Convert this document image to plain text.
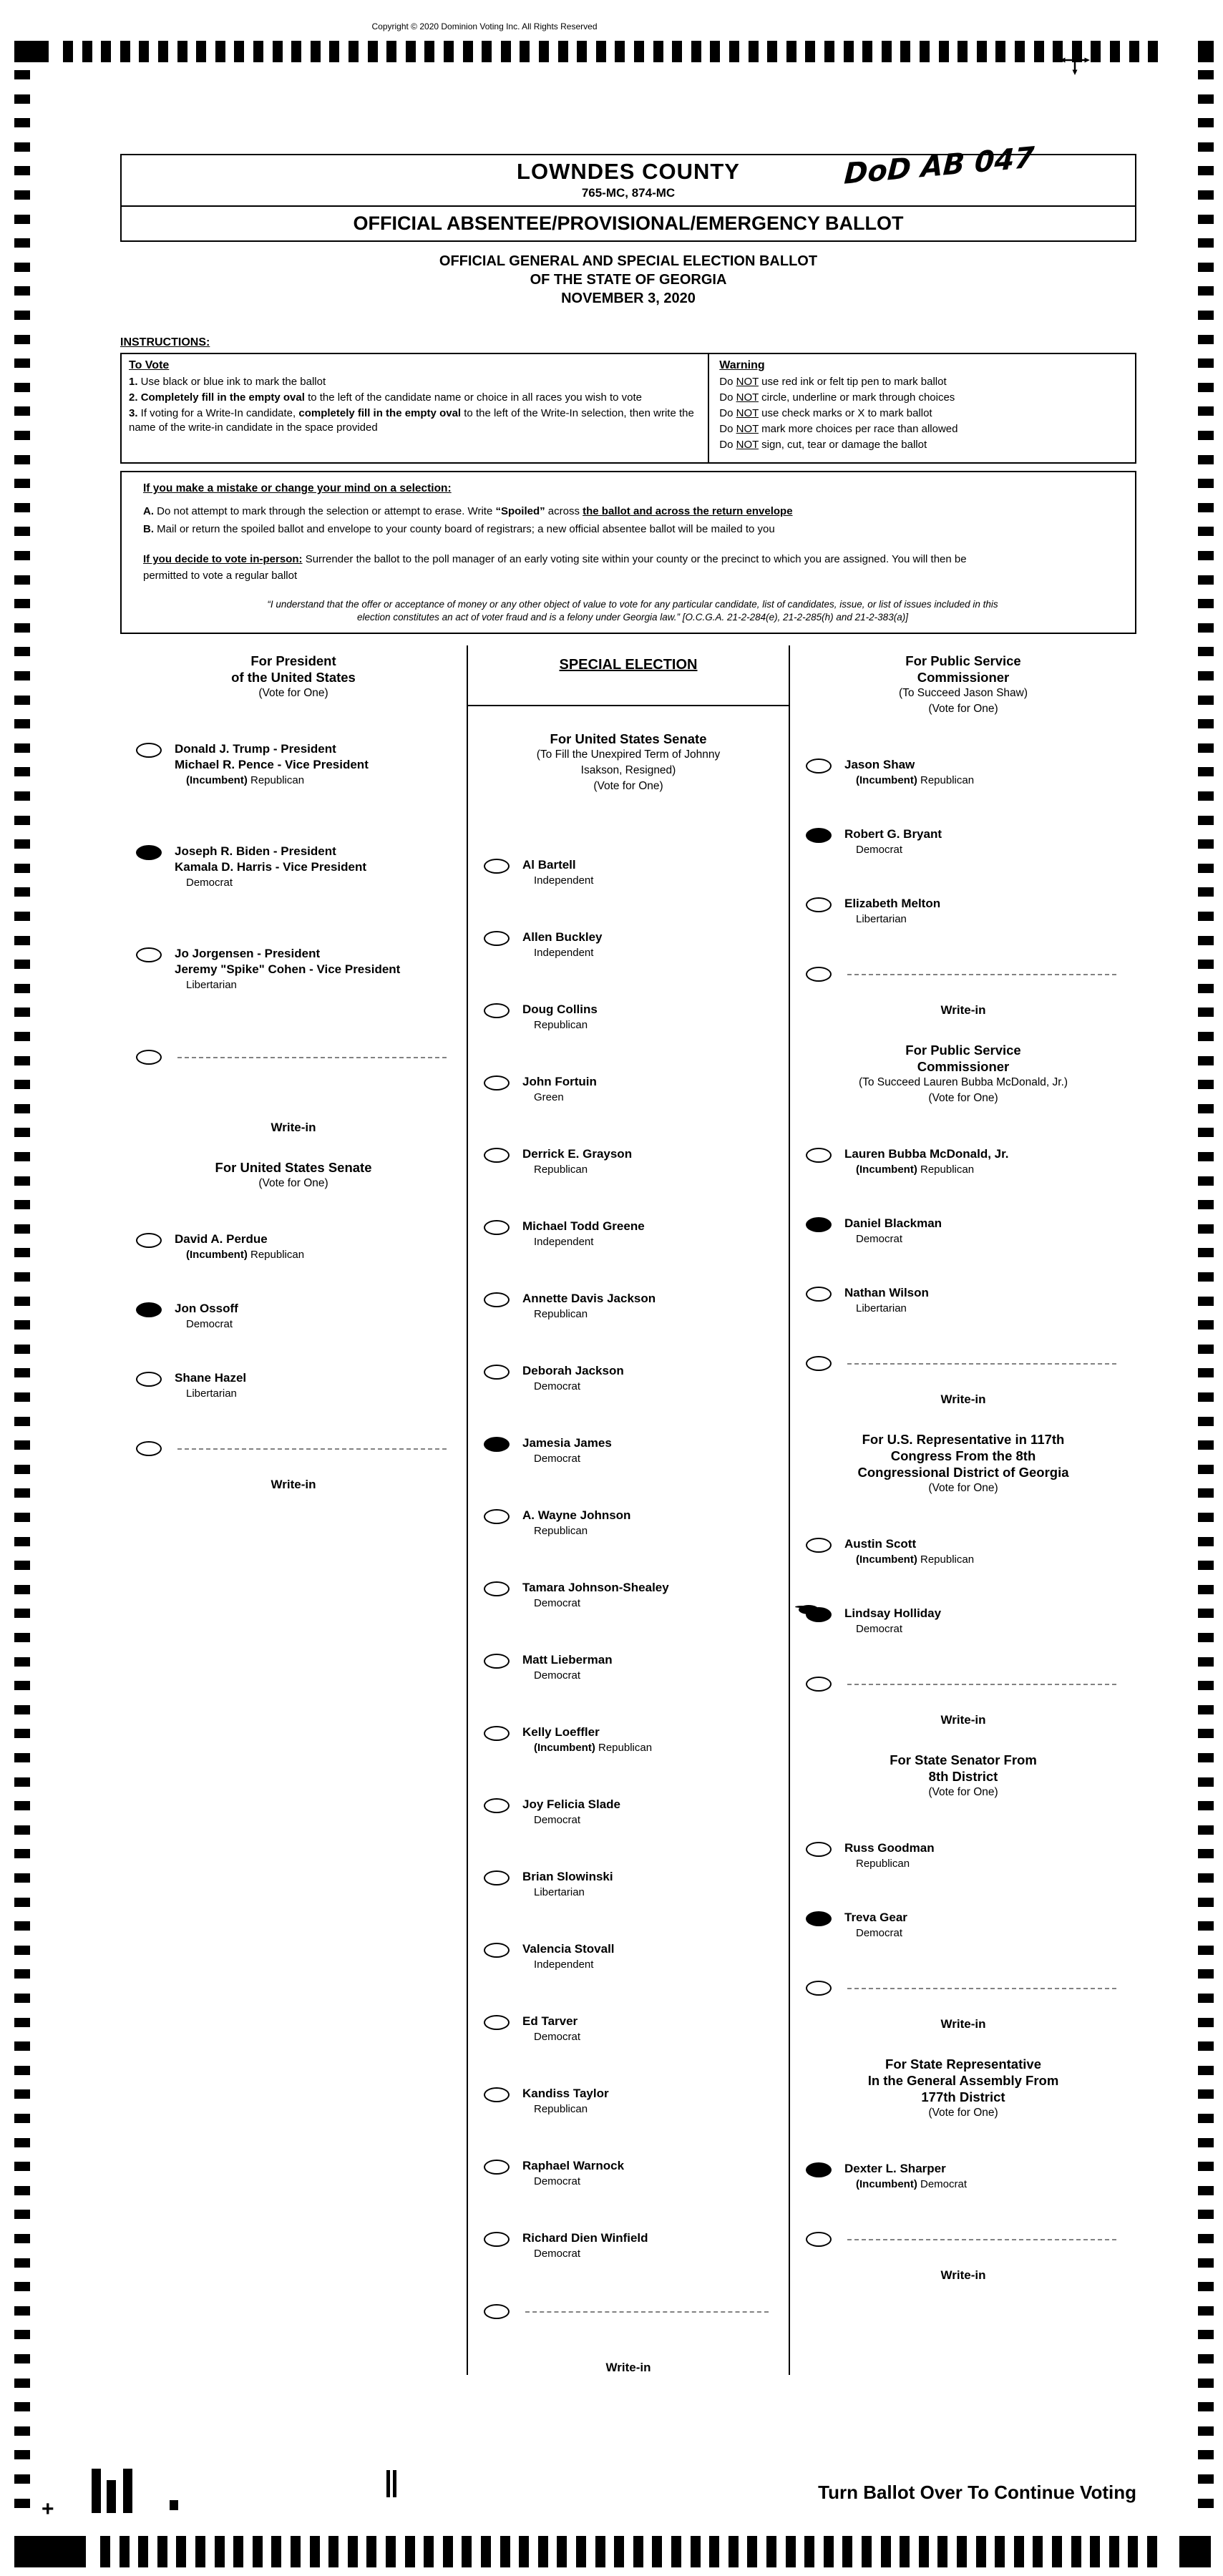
Copyright © 2020 Dominion Voting Inc. All Rights Reserved
LOWNDES COUNTY
765-MC, 874-MC
DoD AB 047
OFFICIAL ABSENTEE/PROVISIONAL/EMERGENCY BALLOT
OFFICIAL GENERAL AND SPECIAL ELECTION BALLOT
OF THE STATE OF GEORGIA
NOVEMBER 3, 2020
INSTRUCTIONS:
To Vote
1. Use black or blue ink to mark the ballot
2. Completely fill in the empty oval to the left of the candidate name or choice in all races you wish to vote
3. If voting for a Write-In candidate, completely fill in the empty oval to the left of the Write-In selection, then write the name of the write-in candidate in the space provided
Warning
Do NOT use red ink or felt tip pen to mark ballot
Do NOT circle, underline or mark through choices
Do NOT use check marks or X to mark ballot
Do NOT mark more choices per race than allowed
Do NOT sign, cut, tear or damage the ballot
If you make a mistake or change your mind on a selection:
A. Do not attempt to mark through the selection or attempt to erase. Write “Spoiled” across the ballot and across the return envelope
B. Mail or return the spoiled ballot and envelope to your county board of registrars; a new official absentee ballot will be mailed to you
If you decide to vote in-person: Surrender the ballot to the poll manager of an early voting site within your county or the precinct to which you are assigned. You will then be permitted to vote a regular ballot
“I understand that the offer or acceptance of money or any other object of value to vote for any particular candidate, list of candidates, issue, or list of issues included in this
election constitutes an act of voter fraud and is a felony under Georgia law.” [O.C.G.A. 21-2-284(e), 21-2-285(h) and 21-2-383(a)]
For President
of the United States
(Vote for One)
Donald J. Trump - President
Michael R. Pence - Vice President
(Incumbent) Republican
Joseph R. Biden - President
Kamala D. Harris - Vice President
Democrat
Jo Jorgensen - President
Jeremy "Spike" Cohen - Vice President
Libertarian
Write-in
For United States Senate
(Vote for One)
David A. Perdue
(Incumbent) Republican
Jon Ossoff
Democrat
Shane Hazel
Libertarian
Write-in
SPECIAL ELECTION
For United States Senate
(To Fill the Unexpired Term of Johnny
Isakson, Resigned)
(Vote for One)
Al Bartell
Independent
Allen Buckley
Independent
Doug Collins
Republican
John Fortuin
Green
Derrick E. Grayson
Republican
Michael Todd Greene
Independent
Annette Davis Jackson
Republican
Deborah Jackson
Democrat
Jamesia James
Democrat
A. Wayne Johnson
Republican
Tamara Johnson-Shealey
Democrat
Matt Lieberman
Democrat
Kelly Loeffler
(Incumbent) Republican
Joy Felicia Slade
Democrat
Brian Slowinski
Libertarian
Valencia Stovall
Independent
Ed Tarver
Democrat
Kandiss Taylor
Republican
Raphael Warnock
Democrat
Richard Dien Winfield
Democrat
Write-in
For Public Service
Commissioner
(To Succeed Jason Shaw)
(Vote for One)
Jason Shaw
(Incumbent) Republican
Robert G. Bryant
Democrat
Elizabeth Melton
Libertarian
Write-in
For Public Service
Commissioner
(To Succeed Lauren Bubba McDonald, Jr.)
(Vote for One)
Lauren Bubba McDonald, Jr.
(Incumbent) Republican
Daniel Blackman
Democrat
Nathan Wilson
Libertarian
Write-in
For U.S. Representative in 117th
Congress From the 8th
Congressional District of Georgia
(Vote for One)
Austin Scott
(Incumbent) Republican
Lindsay Holliday
Democrat
Write-in
For State Senator From
8th District
(Vote for One)
Russ Goodman
Republican
Treva Gear
Democrat
Write-in
For State Representative
In the General Assembly From
177th District
(Vote for One)
Dexter L. Sharper
(Incumbent) Democrat
Write-in
Turn Ballot Over To Continue Voting
+
